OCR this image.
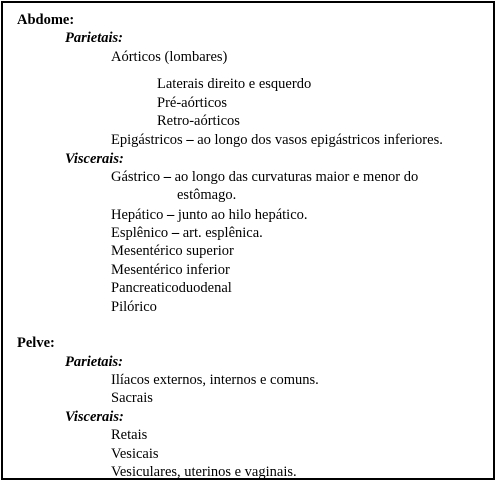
Abdome:
Parietais:
Aórticos (lombares)
Laterais direito e esquerdo
Pré-aórticos
Retro-aórticos
Epigástricos – ao longo dos vasos epigástricos inferiores.
Viscerais:
Gástrico – ao longo das curvaturas maior e menor do
estômago.
Hepático – junto ao hilo hepático.
Esplênico – art. esplênica.
Mesentérico superior
Mesentérico inferior
Pancreaticoduodenal
Pilórico
Pelve:
Parietais:
Ilíacos externos, internos e comuns.
Sacrais
Viscerais:
Retais
Vesicais
Vesiculares, uterinos e vaginais.
